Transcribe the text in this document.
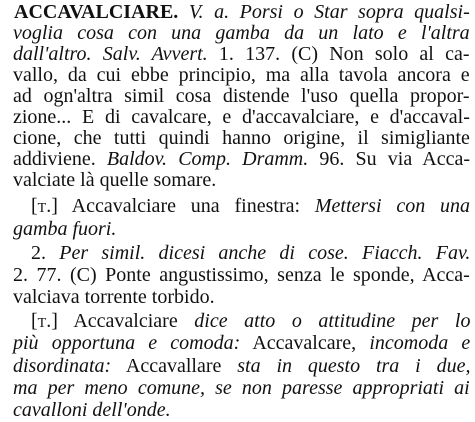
ACCAVALCIARE. V. a. Porsi o Star sopra qualsi-
voglia cosa con una gamba da un lato e l'altra
dall'altro. Salv. Avvert. 1. 137. (C) Non solo al ca-
vallo, da cui ebbe principio, ma alla tavola ancora e
ad ogn'altra simil cosa distende l'uso quella propor-
zione... E di cavalcare, e d'accavalciare, e d'accaval-
cione, che tutti quindi hanno origine, il simigliante
addiviene. Baldov. Comp. Dramm. 96. Su via Acca-
valciate là quelle somare.
[t.] Accavalciare una finestra: Mettersi con una
gamba fuori.
2. Per simil. dicesi anche di cose. Fiacch. Fav.
2. 77. (C) Ponte angustissimo, senza le sponde, Acca-
valciava torrente torbido.
[t.] Accavalciare dice atto o attitudine per lo
più opportuna e comoda: Accavalcare, incomoda e
disordinata: Accavallare sta in questo tra i due,
ma per meno comune, se non paresse appropriati ai
cavalloni dell'onde.
